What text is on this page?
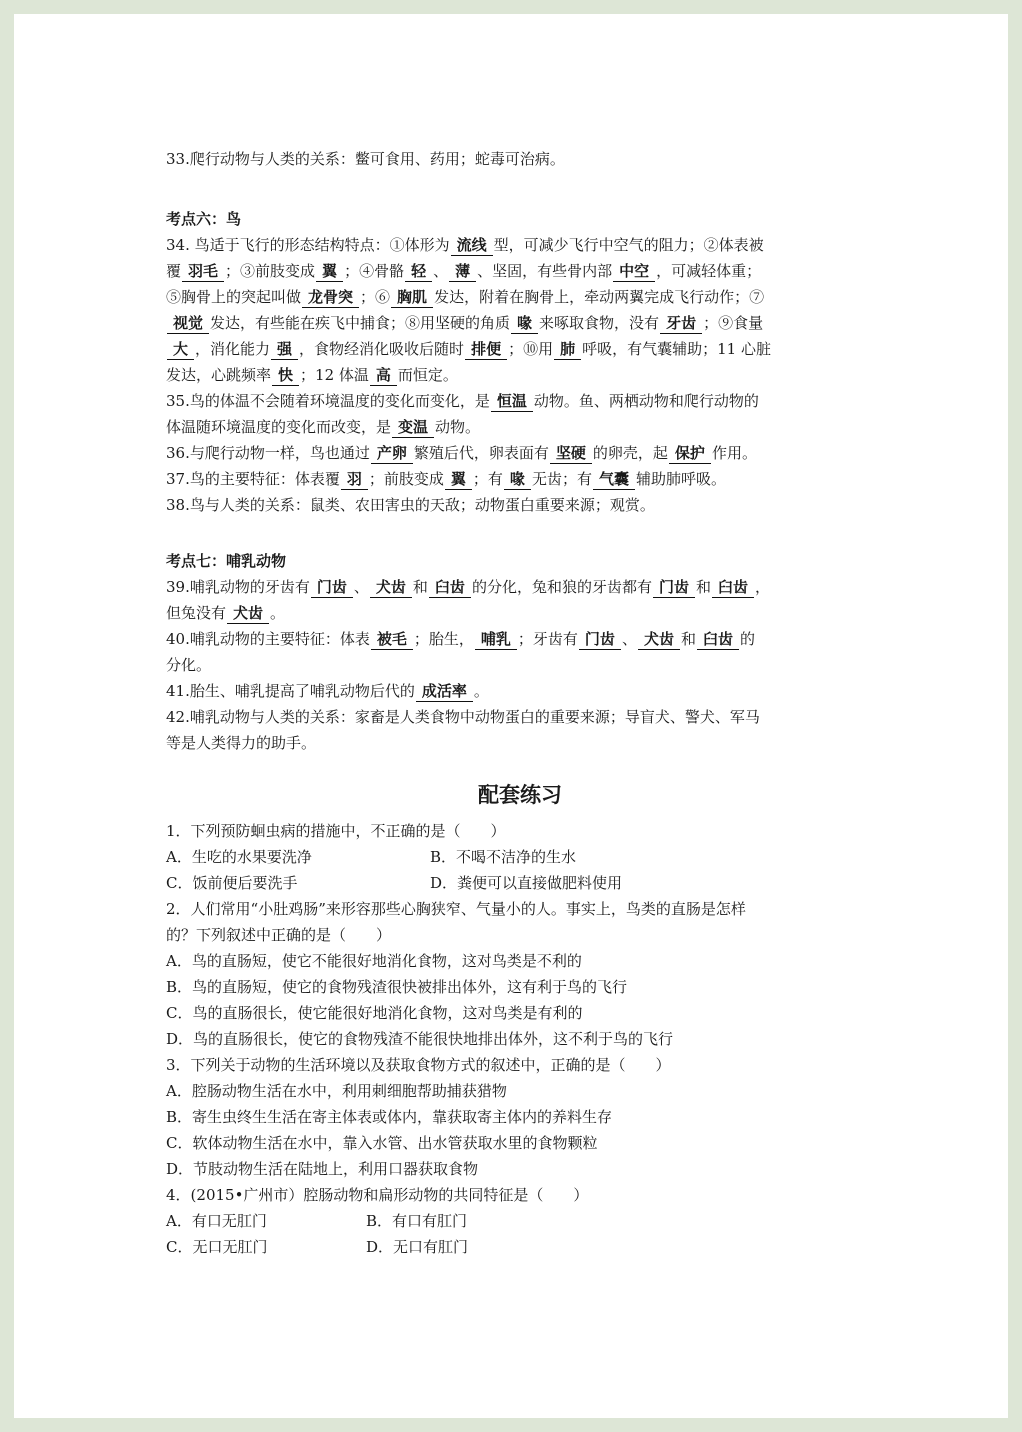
33.爬行动物与人类的关系：鳖可食用、药用；蛇毒可治病。
考点六：鸟
34. 鸟适于飞行的形态结构特点：①体形为 流线 型，可减少飞行中空气的阻力；②体表被
覆 羽毛 ；③前肢变成 翼 ；④骨骼 轻 、 薄 、坚固，有些骨内部 中空 ，可减轻体重；
⑤胸骨上的突起叫做 龙骨突 ；⑥ 胸肌 发达，附着在胸骨上，牵动两翼完成飞行动作；⑦
视觉 发达，有些能在疾飞中捕食；⑧用坚硬的角质 喙 来啄取食物，没有 牙齿 ；⑨食量
大 ，消化能力 强 ，食物经消化吸收后随时 排便 ；⑩用 肺 呼吸，有气囊辅助；11 心脏
发达，心跳频率 快 ；12 体温 高 而恒定。
35.鸟的体温不会随着环境温度的变化而变化，是 恒温 动物。鱼、两栖动物和爬行动物的
体温随环境温度的变化而改变，是 变温 动物。
36.与爬行动物一样，鸟也通过 产卵 繁殖后代，卵表面有 坚硬 的卵壳，起 保护 作用。
37.鸟的主要特征：体表覆 羽 ；前肢变成 翼 ；有 喙 无齿；有 气囊 辅助肺呼吸。
38.鸟与人类的关系：鼠类、农田害虫的天敌；动物蛋白重要来源；观赏。
考点七：哺乳动物
39.哺乳动物的牙齿有 门齿 、 犬齿 和 臼齿 的分化，兔和狼的牙齿都有 门齿 和 臼齿 ，
但兔没有 犬齿 。
40.哺乳动物的主要特征：体表 被毛 ；胎生， 哺乳 ；牙齿有 门齿 、 犬齿 和 臼齿 的
分化。
41.胎生、哺乳提高了哺乳动物后代的 成活率 。
42.哺乳动物与人类的关系：家畜是人类食物中动物蛋白的重要来源；导盲犬、警犬、军马
等是人类得力的助手。
配套练习
1．下列预防蛔虫病的措施中，不正确的是（　　）
A．生吃的水果要洗净	B．不喝不洁净的生水
C．饭前便后要洗手	D．粪便可以直接做肥料使用
2．人们常用“小肚鸡肠”来形容那些心胸狭窄、气量小的人。事实上，鸟类的直肠是怎样
的？下列叙述中正确的是（　　）
A．鸟的直肠短，使它不能很好地消化食物，这对鸟类是不利的
B．鸟的直肠短，使它的食物残渣很快被排出体外，这有利于鸟的飞行
C．鸟的直肠很长，使它能很好地消化食物，这对鸟类是有利的
D．鸟的直肠很长，使它的食物残渣不能很快地排出体外，这不利于鸟的飞行
3．下列关于动物的生活环境以及获取食物方式的叙述中，正确的是（　　）
A．腔肠动物生活在水中，利用刺细胞帮助捕获猎物
B．寄生虫终生生活在寄主体表或体内，靠获取寄主体内的养料生存
C．软体动物生活在水中，靠入水管、出水管获取水里的食物颗粒
D．节肢动物生活在陆地上，利用口器获取食物
4．(2015•广州市）腔肠动物和扁形动物的共同特征是（　　）
A．有口无肛门	B．有口有肛门
C．无口无肛门	D．无口有肛门
